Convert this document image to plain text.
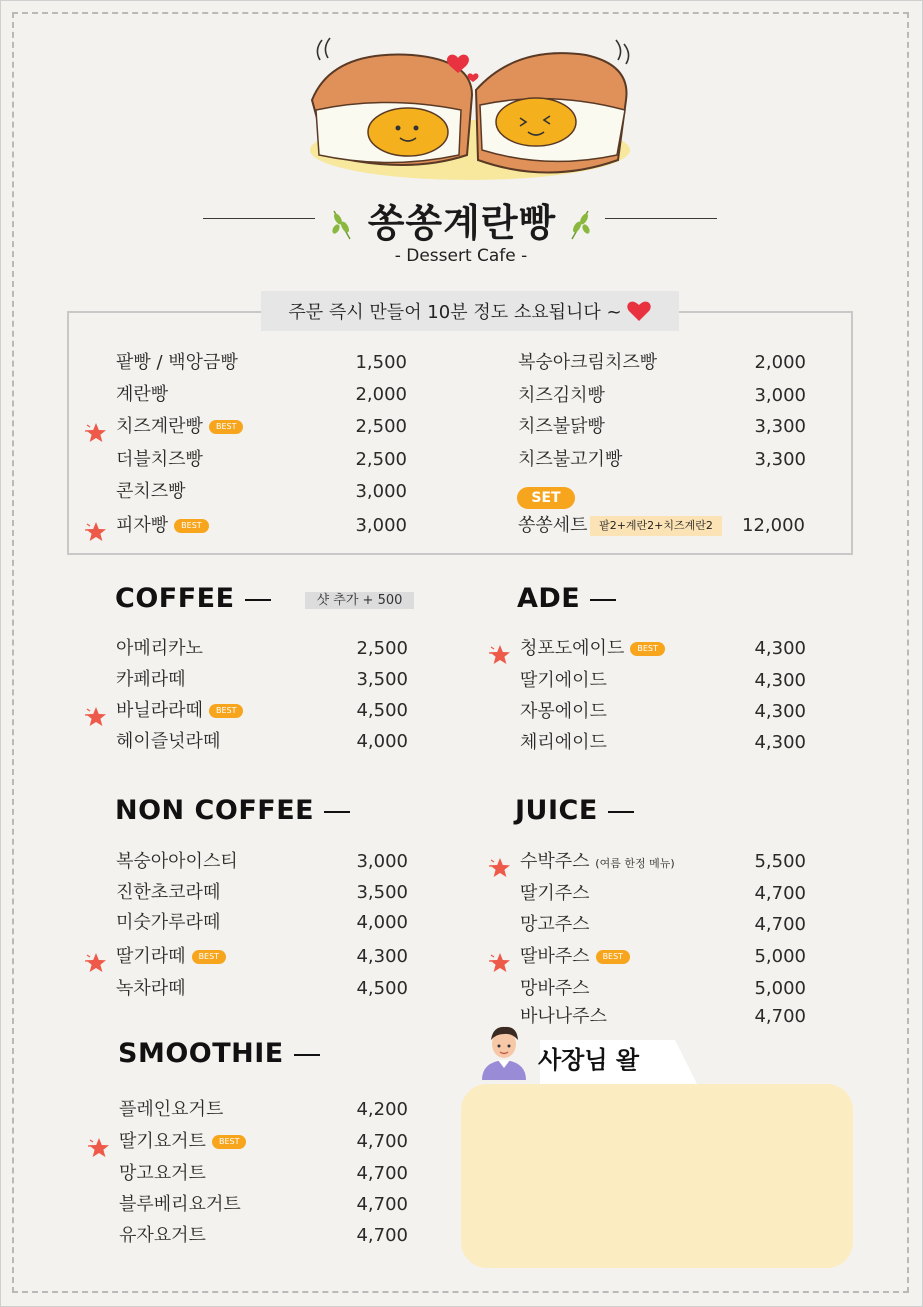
쏭쏭계란빵
- Dessert Cafe -
주문 즉시 만들어 10분 정도 소요됩니다 ~
팥빵 / 백앙금빵	1,500
계란빵	2,000
치즈계란빵 BEST	2,500
더블치즈빵	2,500
콘치즈빵	3,000
피자빵 BEST	3,000
복숭아크림치즈빵	2,000
치즈김치빵	3,000
치즈불닭빵	3,300
치즈불고기빵	3,300
SET
쏭쏭세트	팥2+계란2+치즈계란2	12,000
COFFEE	샷 추가 + 500	ADE
NON COFFEE	JUICE
SMOOTHIE
아메리카노	2,500
카페라떼	3,500
바닐라라떼 BEST	4,500
헤이즐넛라떼	4,000
청포도에이드 BEST	4,300
딸기에이드	4,300
자몽에이드	4,300
체리에이드	4,300
복숭아아이스티	3,000
진한초코라떼	3,500
미숫가루라떼	4,000
딸기라떼 BEST	4,300
녹차라떼	4,500
수박주스 (여름 한정 메뉴)	5,500
딸기주스	4,700
망고주스	4,700
딸바주스 BEST	5,000
망바주스	5,000
바나나주스	4,700
플레인요거트	4,200
딸기요거트 BEST	4,700
망고요거트	4,700
블루베리요거트	4,700
유자요거트	4,700
사장님 왈
